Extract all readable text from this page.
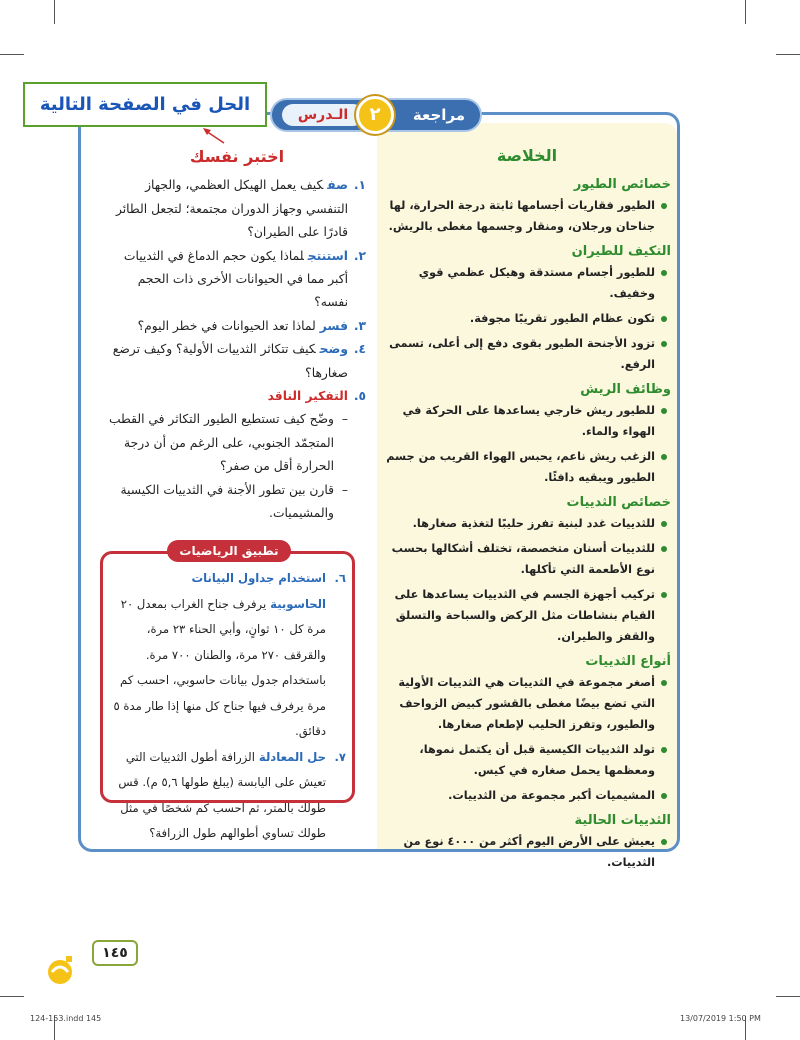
الـدرس	٢	مراجعة
الحل في الصفحة التالية
الخلاصة
خصائص الطيور
الطيور فقاريات أجسامها ثابتة درجة الحرارة، لها جناحان ورجلان، ومنقار وجسمها مغطى بالريش.
التكيف للطيران
للطيور أجسام مستدقة وهيكل عظمي قوي وخفيف.
تكون عظام الطيور تقريبًا مجوفة.
تزود الأجنحة الطيور بقوى دفع إلى أعلى، تسمى الرفع.
وظائف الريش
للطيور ريش خارجي يساعدها على الحركة في الهواء والماء.
الزغب ريش ناعم، يحبس الهواء القريب من جسم الطيور ويبقيه دافئًا.
خصائص الثدييات
للثدييات غدد لبنية تفرز حليبًا لتغذية صغارها.
للثدييات أسنان متخصصة، تختلف أشكالها بحسب نوع الأطعمة التي تأكلها.
تركيب أجهزة الجسم في الثدييات يساعدها على القيام بنشاطات مثل الركض والسباحة والتسلق والقفز والطيران.
أنواع الثدييات
أصغر مجموعة في الثدييات هي الثدييات الأولية التي تضع بيضًا مغطى بالقشور كبيض الزواحف والطيور، وتفرز الحليب لإطعام صغارها.
تولد الثدييات الكيسية قبل أن يكتمل نموها، ومعظمها يحمل صغاره في كيس.
المشيميات أكبر مجموعة من الثدييات.
الثدييات الحالية
يعيش على الأرض اليوم أكثر من ٤٠٠٠ نوع من الثدييات.
اختبر نفسك
١.
صفكيف يعمل الهيكل العظمي، والجهاز التنفسي وجهاز الدوران مجتمعة؛ لتجعل الطائر قادرًا على الطيران؟
٢.
استنتجلماذا يكون حجم الدماغ في الثدييات أكبر مما في الحيوانات الأخرى ذات الحجم نفسه؟
٣.
فسرلماذا تعد الحيوانات في خطر اليوم؟
٤.
وضحكيف تتكاثر الثدييات الأولية؟ وكيف ترضع صغارها؟
٥.
التفكير الناقد
–
وضّح كيف تستطيع الطيور التكاثر في القطب المتجمّد الجنوبي، على الرغم من أن درجة الحرارة أقل من صفر؟
–
قارن بين تطور الأجنة في الثدييات الكيسية والمشيميات.
تطبيق الرياضيات
٦.
استخدام جداول البيانات الحاسوبيةيرفرف جناح الغراب بمعدل ٢٠ مرة كل ١٠ ثوانٍ، وأبي الحناء ٢٣ مرة، والقرقف ٢٧٠ مرة، والطنان ٧٠٠ مرة. باستخدام جدول بيانات حاسوبي، احسب كم مرة يرفرف فيها جناح كل منها إذا طار مدة ٥ دقائق.
٧.
حل المعادلةالزرافة أطول الثدييات التي تعيش على اليابسة (يبلغ طولها ٥,٦ م). قس طولك بالمتر، ثم احسب كم شخصًا في مثل طولك تساوي أطوالهم طول الزرافة؟
١٤٥
124-153.indd 145	13/07/2019 1:50 PM
